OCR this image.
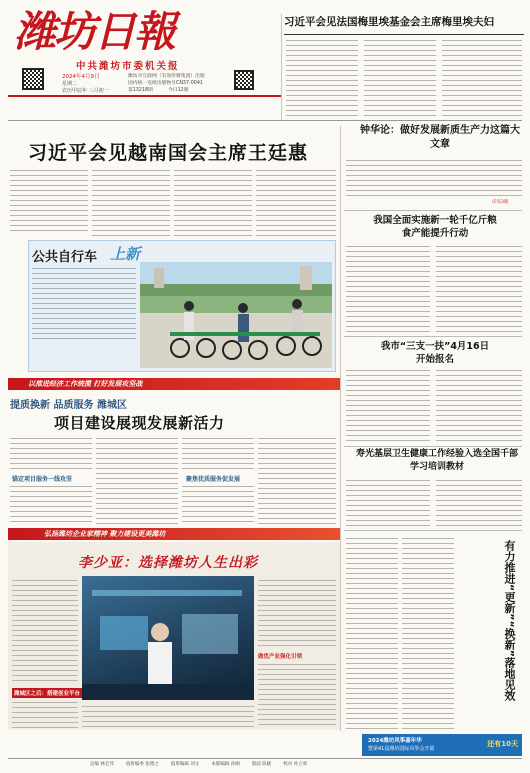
潍坊日報
中共潍坊市委机关报
2024年4月9日
星期二
农历甲辰年 三月初一
潍坊市互联网（有效传媒集团）出版
国内统一连续出版物号CN37-0041
第13218期	今日12版
习近平会见法国梅里埃基金会主席梅里埃夫妇
习近平会见越南国会主席王廷惠
钟华论：做好发展新质生产力这篇大文章
详见3版
我国全面实施新一轮千亿斤粮食产能提升行动
我市“三支一扶”4月16日开始报名
寿光基层卫生健康工作经验入选全国千部学习培训教材
有力推进“更新”“换新”落地见效
公共自行车 上新
以推进经济工作统揽 打好发展攻坚战
提质换新 品质服务 潍城区
项目建设展现发展新活力
锚定项目服务一线攻坚	聚焦优质服务促发展
弘扬潍坊企业家精神 聚力建设更美潍坊
李少亚：选择潍坊人生出彩
潍城区之后：搭建创业平台
做优产业强化引领
2024潍坊风筝嘉年华
暨第41届潍坊国际风筝会开幕
还有10天
总编 林宏伟	值班编委 张德之	值班编辑 刘文	本版编辑 孙刚	版面 陈晓	校对 孙立勇
